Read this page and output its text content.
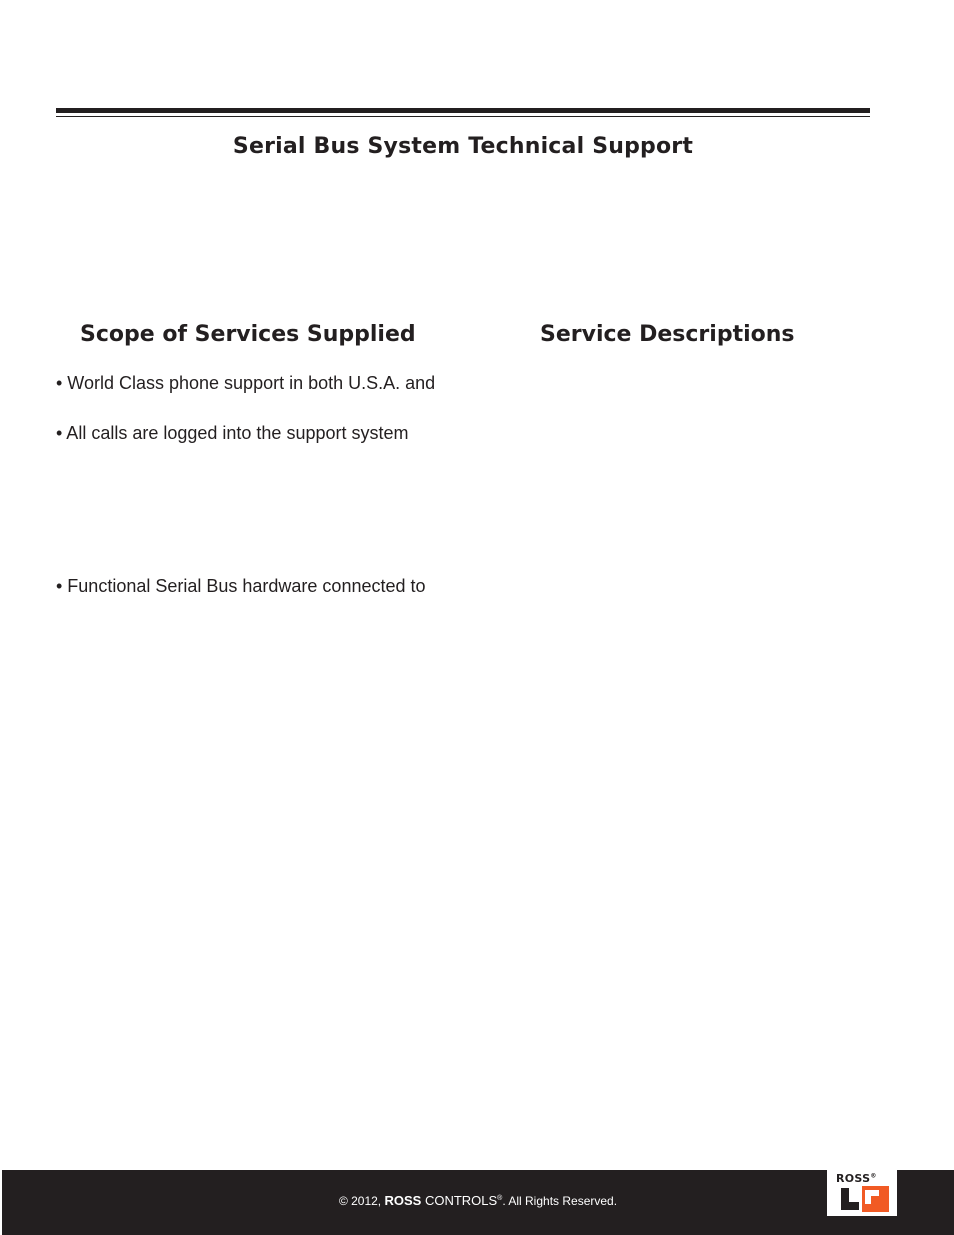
Serial Bus System Technical Support
Scope of Services Supplied	Service Descriptions
• World Class phone support in both U.S.A. and
• All calls are logged into the support system
• Functional Serial Bus hardware connected to
© 2012, ROSS CONTROLS®. All Rights Reserved.
ROSS®
